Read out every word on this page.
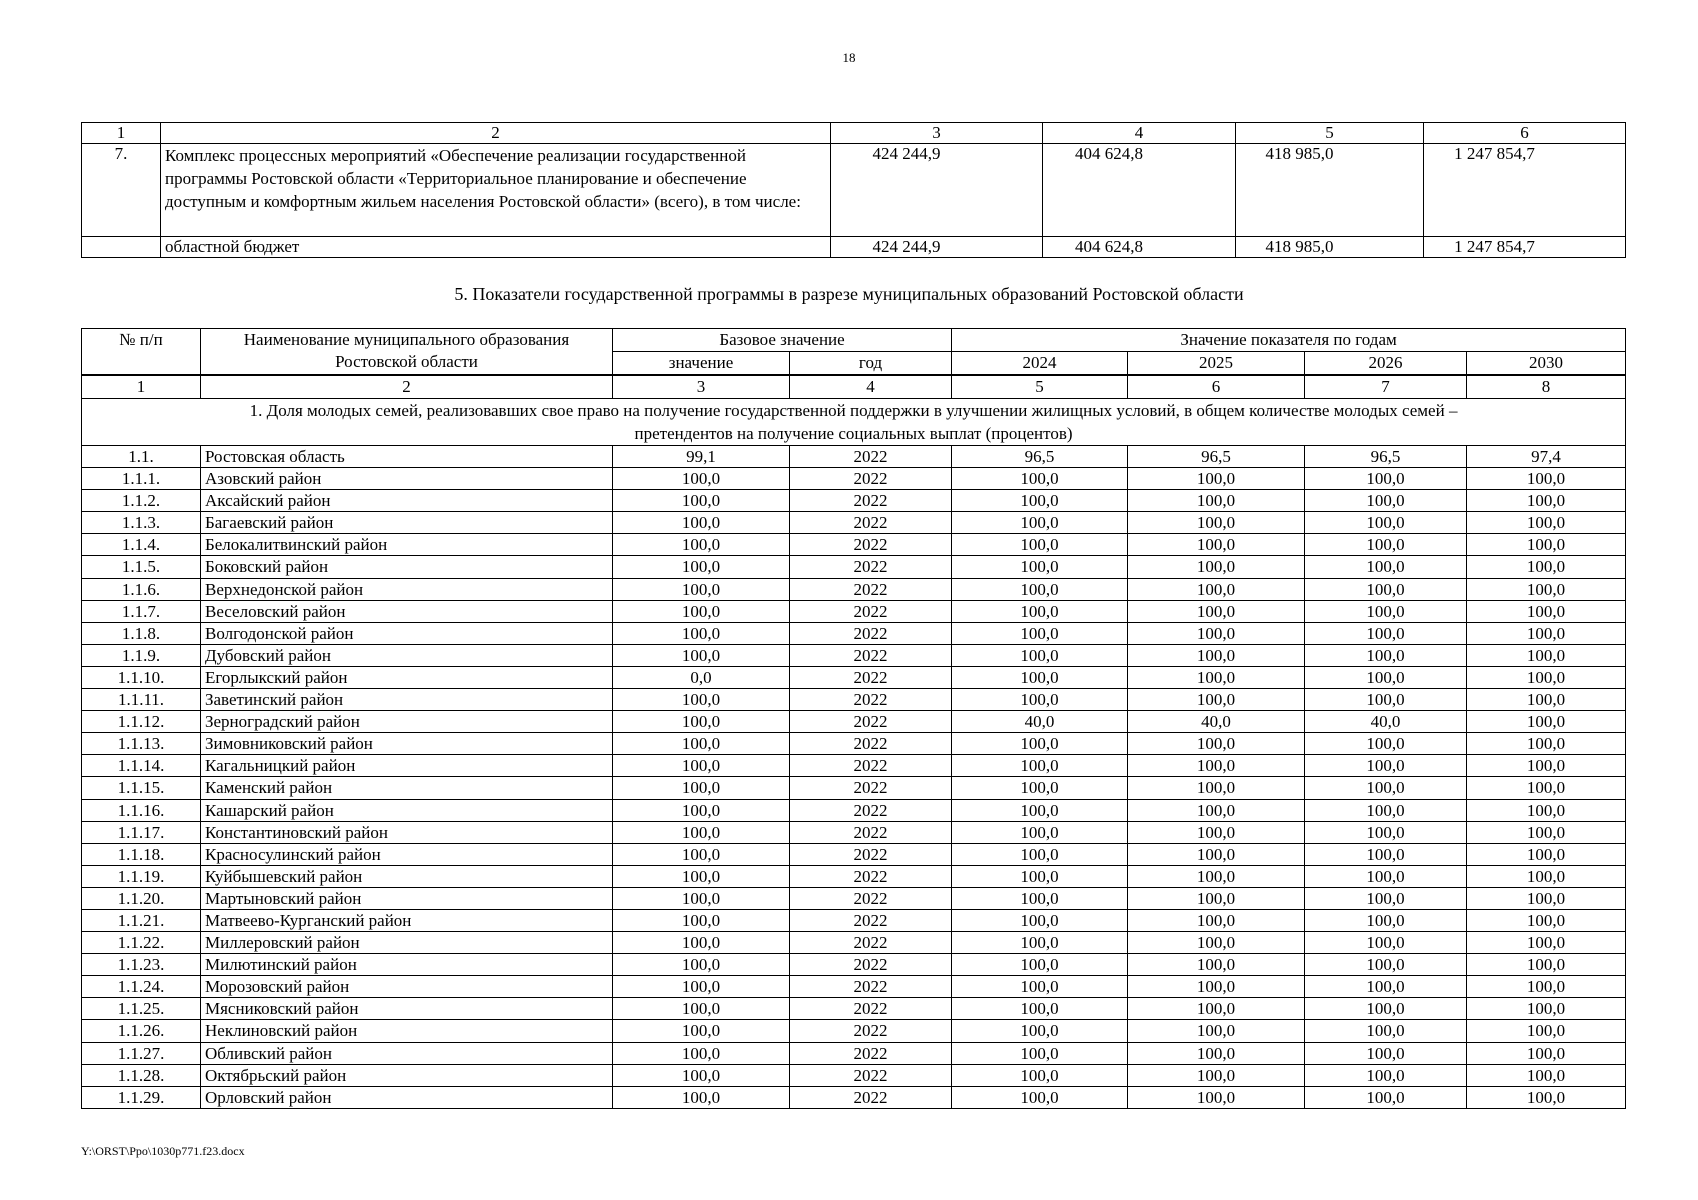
18
1	2	3	4	5	6
7.	Комплекс процессных мероприятий «Обеспечение реализации государственной программы Ростовской области «Территориальное планирование и обеспечение доступным и комфортным жильем населения Ростовской области» (всего), в том числе:	424 244,9	404 624,8	418 985,0	1 247 854,7
	областной бюджет	424 244,9	404 624,8	418 985,0	1 247 854,7
5. Показатели государственной программы в разрезе муниципальных образований Ростовской области
№ п/п	Наименование муниципального образования Ростовской области	Базовое значение		Значение показателя по годам			
		значение	год	2024	2025	2026	2030
1	2	3	4	5	6	7	8
1. Доля молодых семей, реализовавших свое право на получение государственной поддержки в улучшении жилищных условий, в общем количестве молодых семей – претендентов на получение социальных выплат (процентов)							
1.1.	Ростовская область	99,1	2022	96,5	96,5	96,5	97,4
1.1.1.	Азовский район	100,0	2022	100,0	100,0	100,0	100,0
1.1.2.	Аксайский район	100,0	2022	100,0	100,0	100,0	100,0
1.1.3.	Багаевский район	100,0	2022	100,0	100,0	100,0	100,0
1.1.4.	Белокалитвинский район	100,0	2022	100,0	100,0	100,0	100,0
1.1.5.	Боковский район	100,0	2022	100,0	100,0	100,0	100,0
1.1.6.	Верхнедонской район	100,0	2022	100,0	100,0	100,0	100,0
1.1.7.	Веселовский район	100,0	2022	100,0	100,0	100,0	100,0
1.1.8.	Волгодонской район	100,0	2022	100,0	100,0	100,0	100,0
1.1.9.	Дубовский район	100,0	2022	100,0	100,0	100,0	100,0
1.1.10.	Егорлыкский район	0,0	2022	100,0	100,0	100,0	100,0
1.1.11.	Заветинский район	100,0	2022	100,0	100,0	100,0	100,0
1.1.12.	Зерноградский район	100,0	2022	40,0	40,0	40,0	100,0
1.1.13.	Зимовниковский район	100,0	2022	100,0	100,0	100,0	100,0
1.1.14.	Кагальницкий район	100,0	2022	100,0	100,0	100,0	100,0
1.1.15.	Каменский район	100,0	2022	100,0	100,0	100,0	100,0
1.1.16.	Кашарский район	100,0	2022	100,0	100,0	100,0	100,0
1.1.17.	Константиновский район	100,0	2022	100,0	100,0	100,0	100,0
1.1.18.	Красносулинский район	100,0	2022	100,0	100,0	100,0	100,0
1.1.19.	Куйбышевский район	100,0	2022	100,0	100,0	100,0	100,0
1.1.20.	Мартыновский район	100,0	2022	100,0	100,0	100,0	100,0
1.1.21.	Матвеево-Курганский район	100,0	2022	100,0	100,0	100,0	100,0
1.1.22.	Миллеровский район	100,0	2022	100,0	100,0	100,0	100,0
1.1.23.	Милютинский район	100,0	2022	100,0	100,0	100,0	100,0
1.1.24.	Морозовский район	100,0	2022	100,0	100,0	100,0	100,0
1.1.25.	Мясниковский район	100,0	2022	100,0	100,0	100,0	100,0
1.1.26.	Неклиновский район	100,0	2022	100,0	100,0	100,0	100,0
1.1.27.	Обливский район	100,0	2022	100,0	100,0	100,0	100,0
1.1.28.	Октябрьский район	100,0	2022	100,0	100,0	100,0	100,0
1.1.29.	Орловский район	100,0	2022	100,0	100,0	100,0	100,0
Y:\ORST\Ppo\1030p771.f23.docx
